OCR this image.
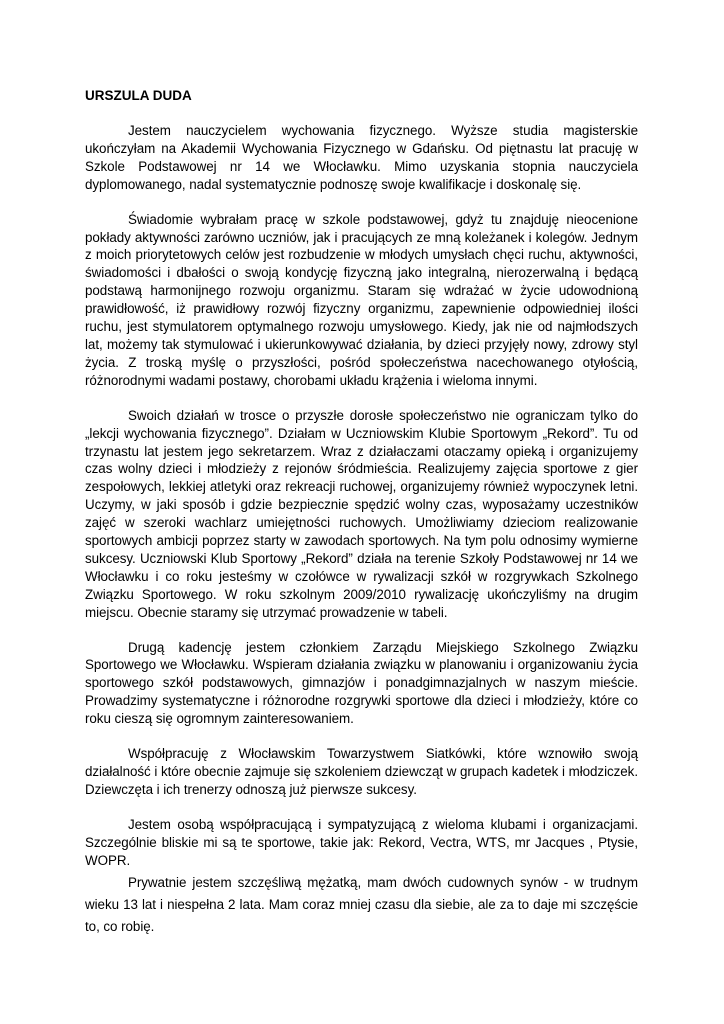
URSZULA DUDA

Jestem nauczycielem wychowania fizycznego. Wyższe studia magisterskie ukończyłam na Akademii Wychowania Fizycznego w Gdańsku. Od piętnastu lat pracuję w Szkole Podstawowej nr 14 we Włocławku. Mimo uzyskania stopnia nauczyciela dyplomowanego, nadal systematycznie podnoszę swoje kwalifikacje i doskonalę się.

Świadomie wybrałam pracę w szkole podstawowej, gdyż tu znajduję nieocenione pokłady aktywności zarówno uczniów, jak i pracujących ze mną koleżanek i kolegów. Jednym z moich priorytetowych celów jest rozbudzenie w młodych umysłach chęci ruchu, aktywności, świadomości i dbałości o swoją kondycję fizyczną jako integralną, nierozerwalną i będącą podstawą harmonijnego rozwoju organizmu. Staram się wdrażać w życie udowodnioną prawidłowość, iż prawidłowy rozwój fizyczny organizmu, zapewnienie odpowiedniej ilości ruchu, jest stymulatorem optymalnego rozwoju umysłowego. Kiedy, jak nie od najmłodszych lat, możemy tak stymulować i ukierunkowywać działania, by dzieci przyjęły nowy, zdrowy styl życia. Z troską myślę o przyszłości, pośród społeczeństwa nacechowanego otyłością, różnorodnymi wadami postawy, chorobami układu krążenia i wieloma innymi.

Swoich działań w trosce o przyszłe dorosłe społeczeństwo nie ograniczam tylko do „lekcji wychowania fizycznego”. Działam w Uczniowskim Klubie Sportowym „Rekord”. Tu od trzynastu lat jestem jego sekretarzem. Wraz z działaczami otaczamy opieką i organizujemy czas wolny dzieci i młodzieży z rejonów śródmieścia. Realizujemy zajęcia sportowe z gier zespołowych, lekkiej atletyki oraz rekreacji ruchowej, organizujemy również wypoczynek letni. Uczymy, w jaki sposób i gdzie bezpiecznie spędzić wolny czas, wyposażamy uczestników zajęć w szeroki wachlarz umiejętności ruchowych. Umożliwiamy dzieciom realizowanie sportowych ambicji poprzez starty w zawodach sportowych. Na tym polu odnosimy wymierne sukcesy. Uczniowski Klub Sportowy „Rekord” działa na terenie Szkoły Podstawowej nr 14 we Włocławku i co roku jesteśmy w czołówce w rywalizacji szkół w rozgrywkach Szkolnego Związku Sportowego. W roku szkolnym 2009/2010 rywalizację ukończyliśmy na drugim miejscu. Obecnie staramy się utrzymać prowadzenie w tabeli.

Drugą kadencję jestem członkiem Zarządu Miejskiego Szkolnego Związku Sportowego we Włocławku. Wspieram działania związku w planowaniu i organizowaniu życia sportowego szkół podstawowych, gimnazjów i ponadgimnazjalnych w naszym mieście. Prowadzimy systematyczne i różnorodne rozgrywki sportowe dla dzieci i młodzieży, które co roku cieszą się ogromnym zainteresowaniem.

Współpracuję z Włocławskim Towarzystwem Siatkówki, które wznowiło swoją działalność i które obecnie zajmuje się szkoleniem dziewcząt w grupach kadetek i młodziczek. Dziewczęta i ich trenerzy odnoszą już pierwsze sukcesy.

Jestem osobą współpracującą i sympatyzującą z wieloma klubami i organizacjami. Szczególnie bliskie mi są te sportowe, takie jak: Rekord, Vectra, WTS, mr Jacques , Ptysie, WOPR.

Prywatnie jestem szczęśliwą mężatką, mam dwóch cudownych synów - w trudnym wieku 13 lat i niespełna 2 lata. Mam coraz mniej czasu dla siebie, ale za to daje mi szczęście to, co robię.
